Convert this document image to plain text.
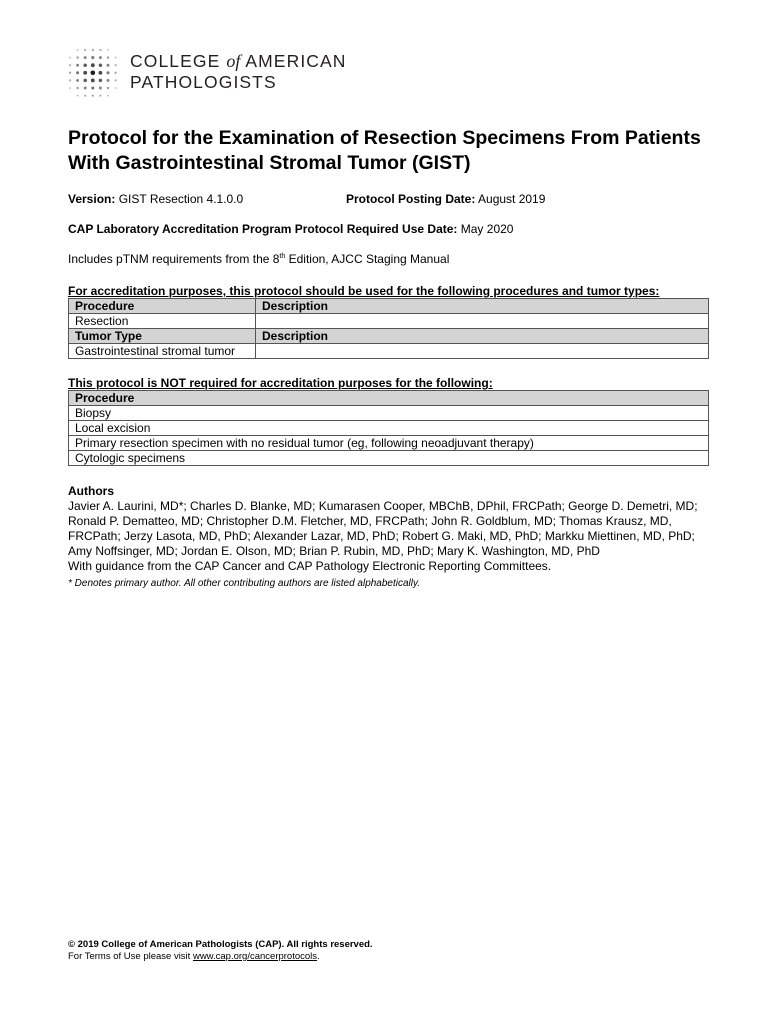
COLLEGE of AMERICAN
PATHOLOGISTS
Protocol for the Examination of Resection Specimens From Patients With Gastrointestinal Stromal Tumor (GIST)
Version: GIST Resection 4.1.0.0	Protocol Posting Date: August 2019
CAP Laboratory Accreditation Program Protocol Required Use Date: May 2020
Includes pTNM requirements from the 8th Edition, AJCC Staging Manual
For accreditation purposes, this protocol should be used for the following procedures and tumor types:
Procedure	Description
Resection	
Tumor Type	Description
Gastrointestinal stromal tumor	
This protocol is NOT required for accreditation purposes for the following:
Procedure
Biopsy
Local excision
Primary resection specimen with no residual tumor (eg, following neoadjuvant therapy)
Cytologic specimens
Authors
Javier A. Laurini, MD*; Charles D. Blanke, MD; Kumarasen Cooper, MBChB, DPhil, FRCPath; George D. Demetri, MD; Ronald P. Dematteo, MD; Christopher D.M. Fletcher, MD, FRCPath; John R. Goldblum, MD; Thomas Krausz, MD, FRCPath; Jerzy Lasota, MD, PhD; Alexander Lazar, MD, PhD; Robert G. Maki, MD, PhD; Markku Miettinen, MD, PhD; Amy Noffsinger, MD; Jordan E. Olson, MD; Brian P. Rubin, MD, PhD; Mary K. Washington, MD, PhD
With guidance from the CAP Cancer and CAP Pathology Electronic Reporting Committees.
* Denotes primary author. All other contributing authors are listed alphabetically.
© 2019 College of American Pathologists (CAP). All rights reserved.
For Terms of Use please visit www.cap.org/cancerprotocols.
